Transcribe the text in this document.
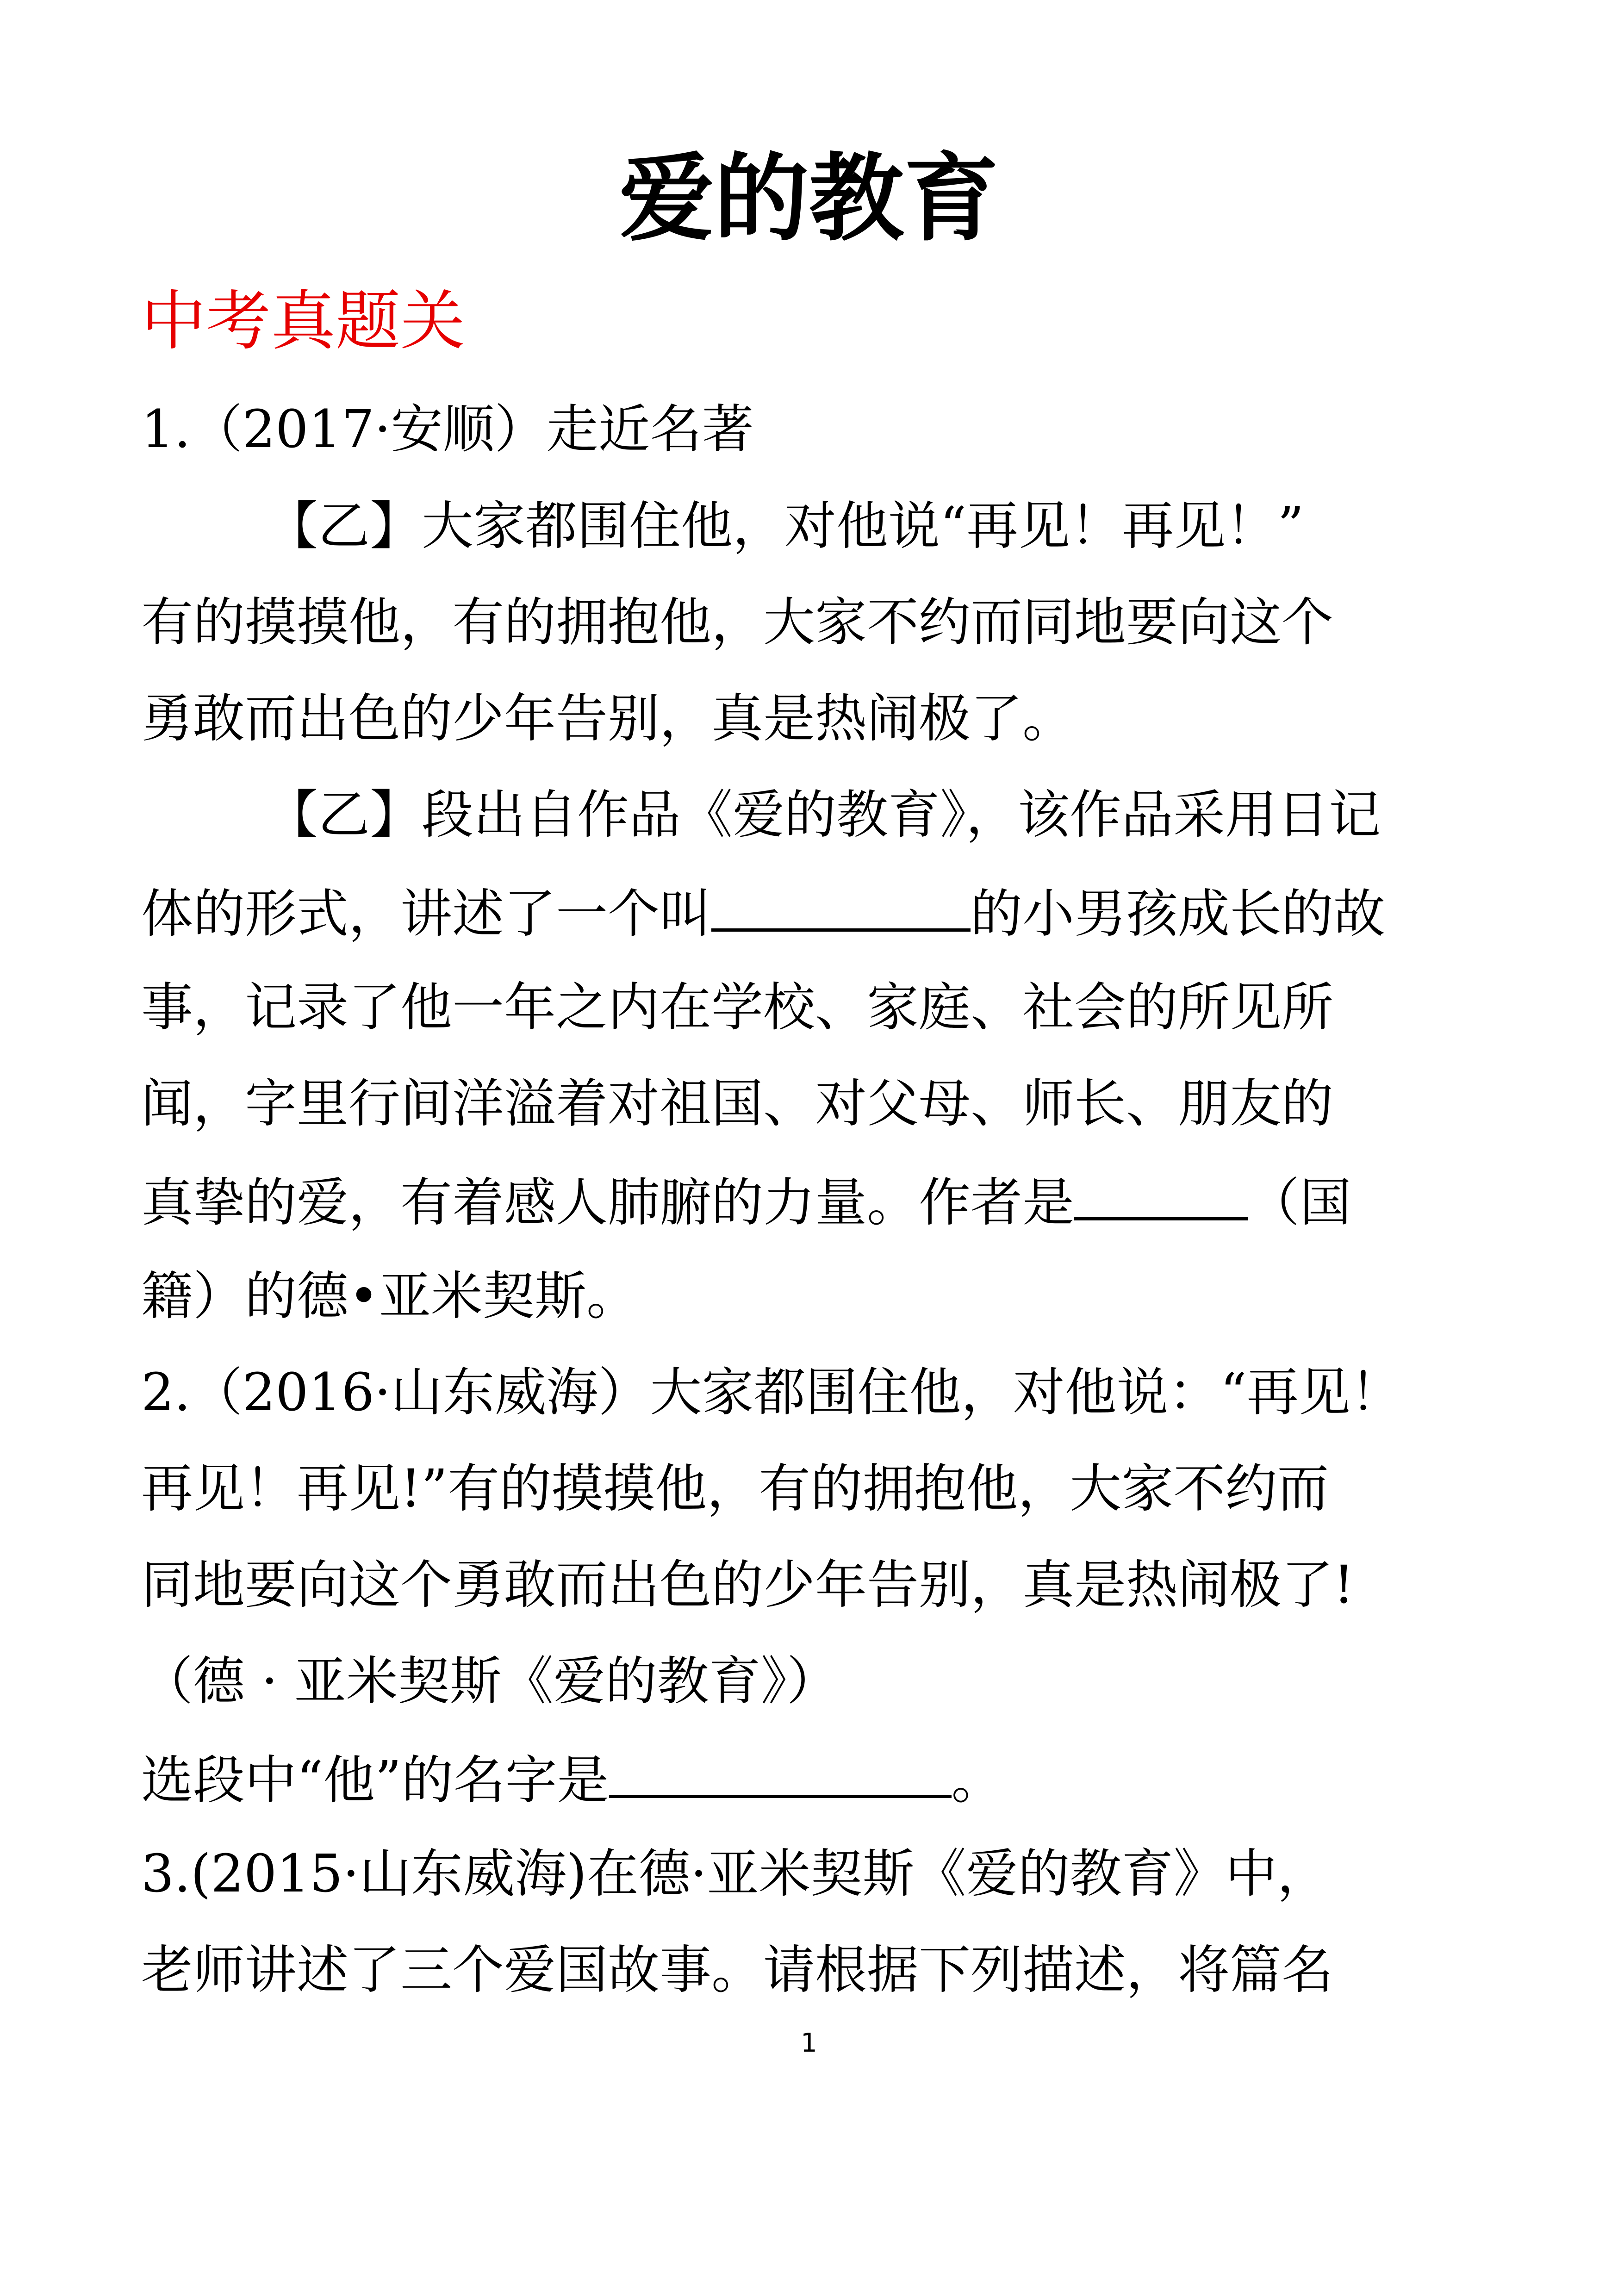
爱的教育
中考真题关
1.（2017·安顺）走近名著
【乙】大家都围住他，对他说“再见！再见！”
有的摸摸他，有的拥抱他，大家不约而同地要向这个
勇敢而出色的少年告别，真是热闹极了。
【乙】段出自作品《爱的教育》，该作品采用日记
体的形式，讲述了一个叫	的小男孩成长的故
事，记录了他一年之内在学校、家庭、社会的所见所
闻，字里行间洋溢着对祖国、对父母、师长、朋友的
真挚的爱，有着感人肺腑的力量。作者是	（国
籍）的德•亚米契斯。
2.（2016·山东威海）大家都围住他，对他说：“再见！
再见！再见!”有的摸摸他，有的拥抱他，大家不约而
同地要向这个勇敢而出色的少年告别，真是热闹极了!
（德 · 亚米契斯《爱的教育》）
选段中“他”的名字是	。
3.(2015·山东威海)在德·亚米契斯《爱的教育》中，
老师讲述了三个爱国故事。请根据下列描述，将篇名
1
